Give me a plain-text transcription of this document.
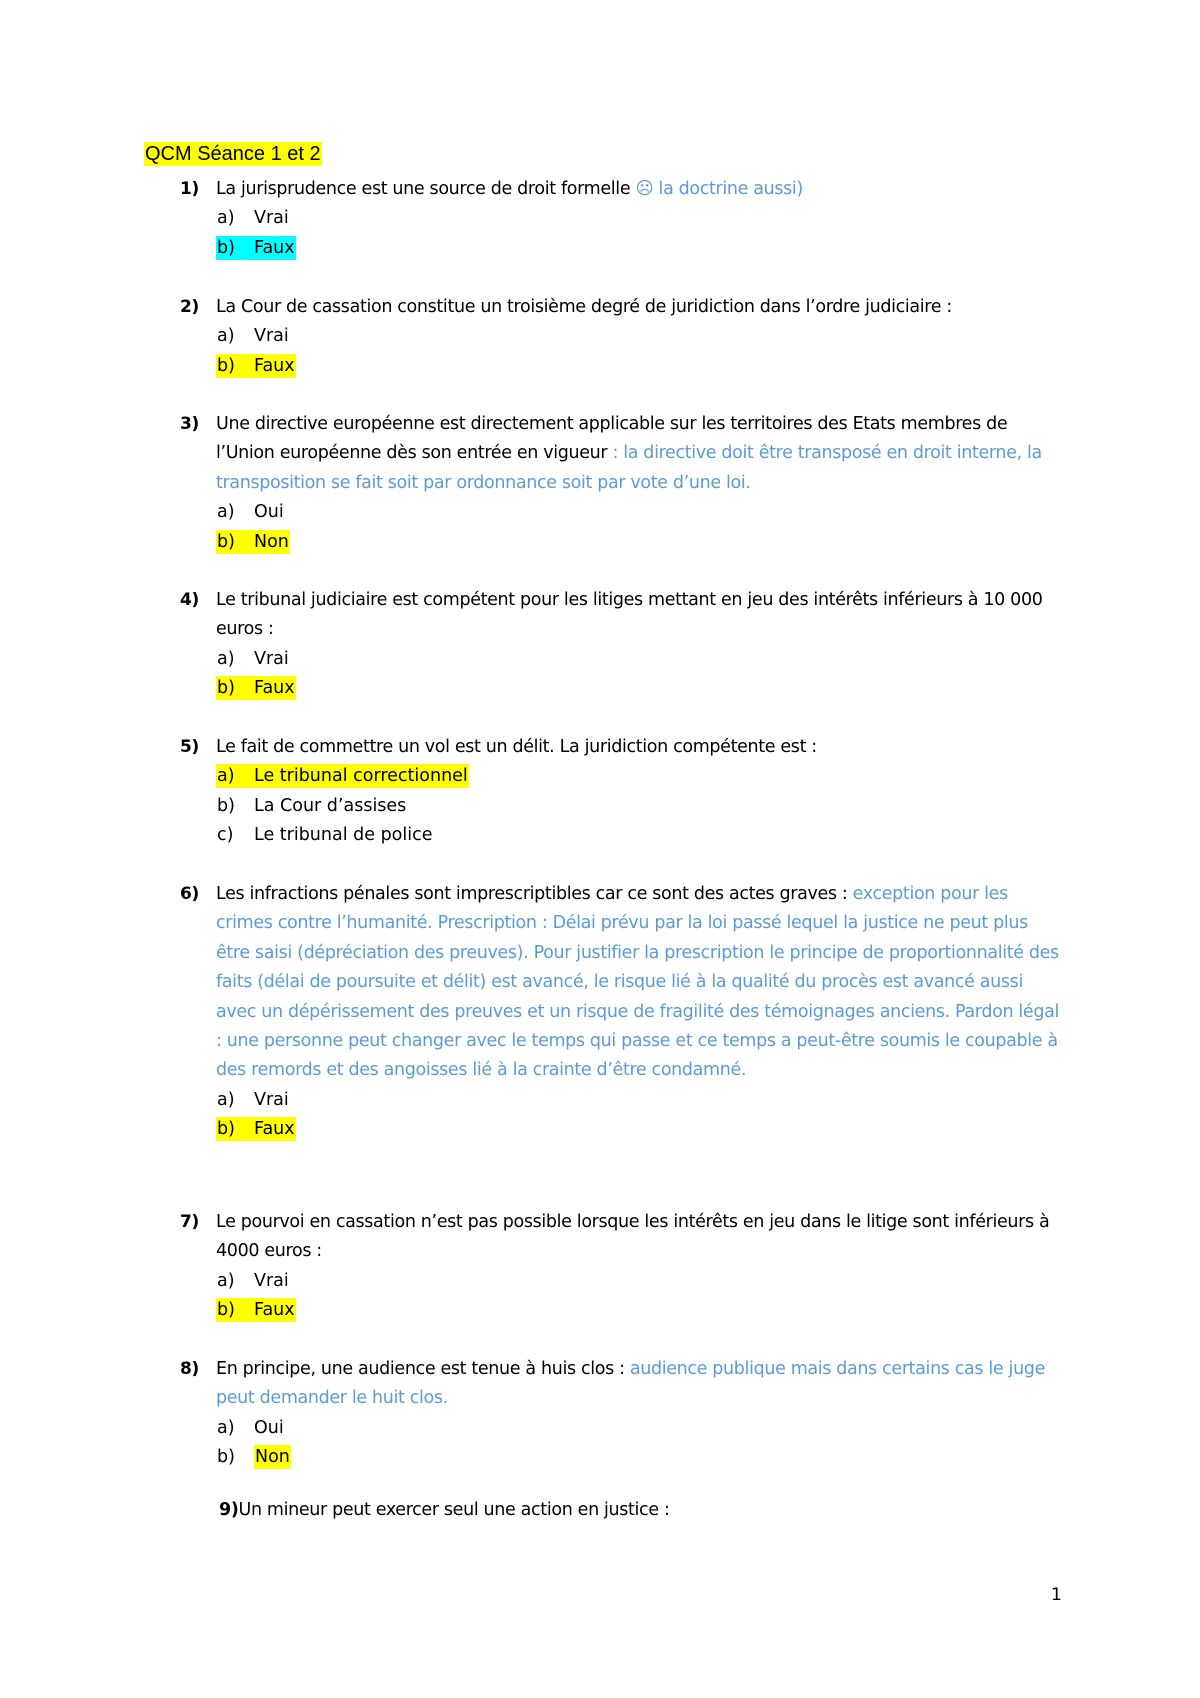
QCM Séance 1 et 2
1) La jurisprudence est une source de droit formelle ☹ la doctrine aussi)
a) Vrai
b) Faux
2) La Cour de cassation constitue un troisième degré de juridiction dans l’ordre judiciaire :
a) Vrai
b) Faux
3) Une directive européenne est directement applicable sur les territoires des Etats membres de l’Union européenne dès son entrée en vigueur : la directive doit être transposé en droit interne, la transposition se fait soit par ordonnance soit par vote d’une loi.
a) Oui
b) Non
4) Le tribunal judiciaire est compétent pour les litiges mettant en jeu des intérêts inférieurs à 10 000 euros :
a) Vrai
b) Faux
5) Le fait de commettre un vol est un délit. La juridiction compétente est :
a) Le tribunal correctionnel
b) La Cour d’assises
c) Le tribunal de police
6) Les infractions pénales sont imprescriptibles car ce sont des actes graves : exception pour les crimes contre l’humanité. Prescription : Délai prévu par la loi passé lequel la justice ne peut plus être saisi (dépréciation des preuves). Pour justifier la prescription le principe de proportionnalité des faits (délai de poursuite et délit) est avancé, le risque lié à la qualité du procès est avancé aussi avec un dépérissement des preuves et un risque de fragilité des témoignages anciens. Pardon légal : une personne peut changer avec le temps qui passe et ce temps a peut-être soumis le coupable à des remords et des angoisses lié à la crainte d’être condamné.
a) Vrai
b) Faux
7) Le pourvoi en cassation n’est pas possible lorsque les intérêts en jeu dans le litige sont inférieurs à 4000 euros :
a) Vrai
b) Faux
8) En principe, une audience est tenue à huis clos : audience publique mais dans certains cas le juge peut demander le huit clos.
a) Oui
b) Non
9)Un mineur peut exercer seul une action en justice :
1
